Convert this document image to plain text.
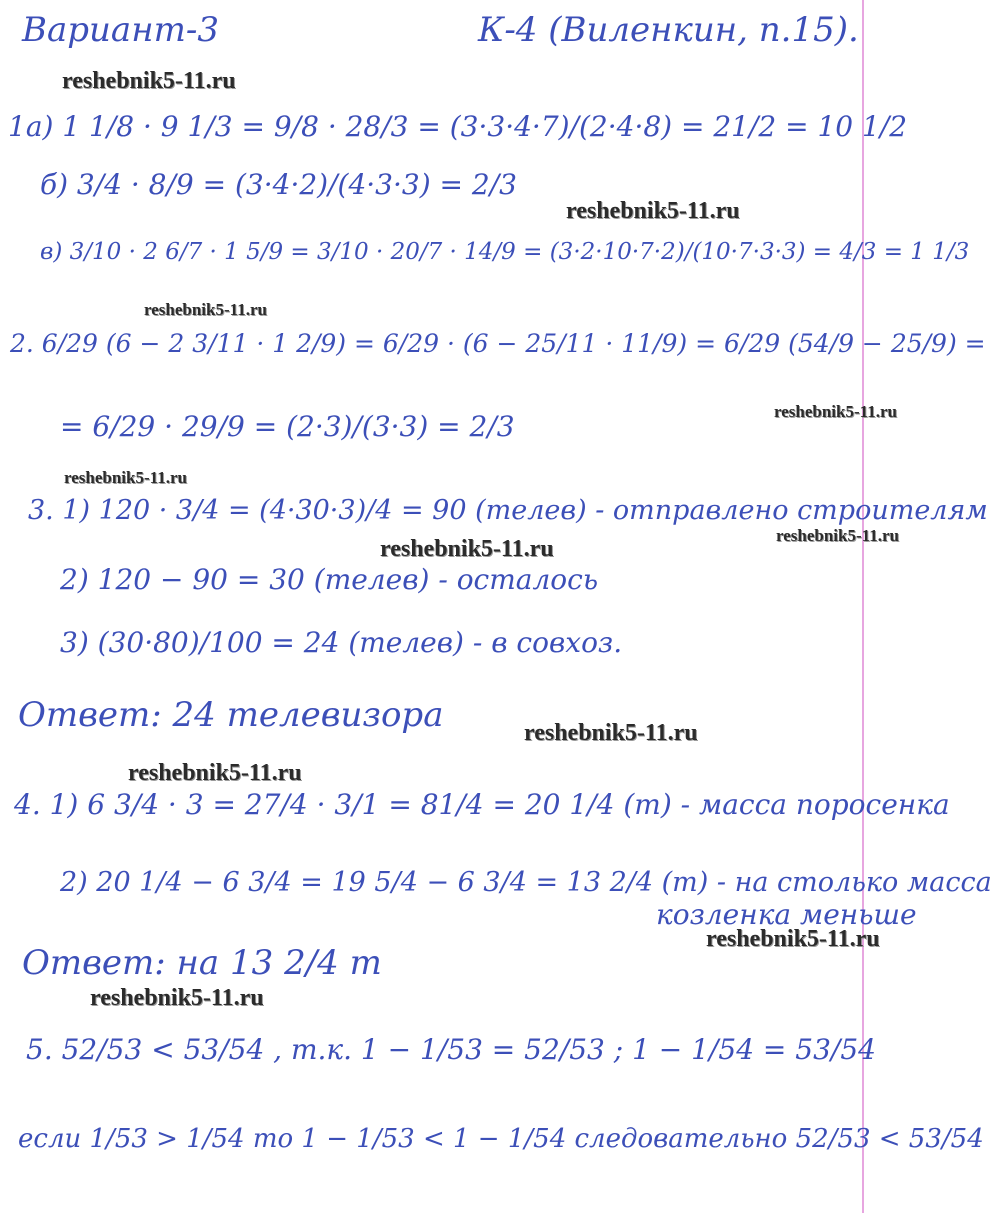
Вариант-3	К-4 (Виленкин, п.15).
1а) 1 1/8 · 9 1/3 = 9/8 · 28/3 = (3·3·4·7)/(2·4·8) = 21/2 = 10 1/2
б) 3/4 · 8/9 = (3·4·2)/(4·3·3) = 2/3
в) 3/10 · 2 6/7 · 1 5/9 = 3/10 · 20/7 · 14/9 = (3·2·10·7·2)/(10·7·3·3) = 4/3 = 1 1/3
2. 6/29 (6 − 2 3/11 · 1 2/9) = 6/29 · (6 − 25/11 · 11/9) = 6/29 (54/9 − 25/9) =
= 6/29 · 29/9 = (2·3)/(3·3) = 2/3
3. 1) 120 · 3/4 = (4·30·3)/4 = 90 (телев) - отправлено строителям
2) 120 − 90 = 30 (телев) - осталось
3) (30·80)/100 = 24 (телев) - в совхоз.
Ответ: 24 телевизора
4. 1) 6 3/4 · 3 = 27/4 · 3/1 = 81/4 = 20 1/4 (т) - масса поросенка
2) 20 1/4 − 6 3/4 = 19 5/4 − 6 3/4 = 13 2/4 (т) - на столько масса
козленка меньше
Ответ: на 13 2/4 т
5. 52/53 < 53/54 , т.к. 1 − 1/53 = 52/53 ; 1 − 1/54 = 53/54
если 1/53 > 1/54 то 1 − 1/53 < 1 − 1/54 следовательно 52/53 < 53/54
reshebnik5-11.ru
reshebnik5-11.ru
reshebnik5-11.ru
reshebnik5-11.ru
reshebnik5-11.ru
reshebnik5-11.ru
reshebnik5-11.ru
reshebnik5-11.ru
reshebnik5-11.ru
reshebnik5-11.ru
reshebnik5-11.ru
